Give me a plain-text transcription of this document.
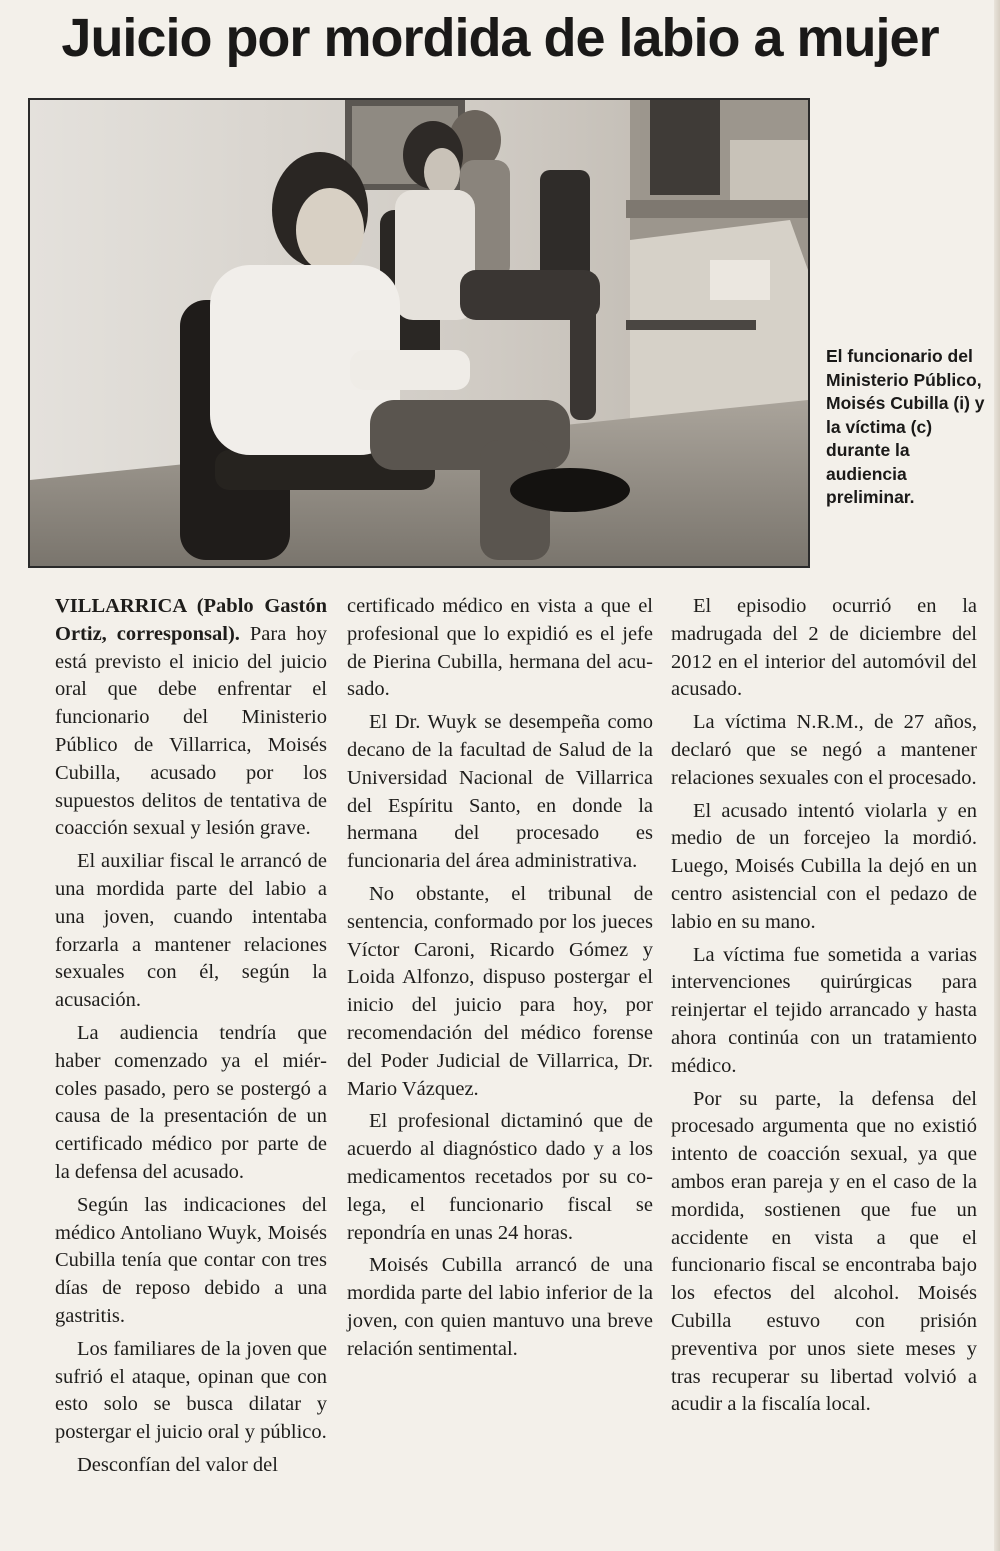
Juicio por mordida de labio a mujer
El funcionario del Ministerio Público, Moisés Cubilla (i) y la víctima (c) durante la audiencia preliminar.

VILLARRICA (Pablo Gastón Ortiz, corresponsal). Para hoy está previsto el inicio del juicio oral que debe enfrentar el funcionario del Ministerio Público de Villarrica, Moisés Cubilla, acusado por los supuestos delitos de tentativa de coacción sexual y lesión grave.

El auxiliar fiscal le arrancó de una mordida parte del labio a una joven, cuando intentaba forzarla a mantener relaciones sexuales con él, según la acusación.

La audiencia tendría que haber comenzado ya el miércoles pasado, pero se postergó a causa de la presentación de un certificado médico por parte de la defensa del acusado.

Según las indicaciones del médico Antoliano Wuyk, Moisés Cubilla tenía que contar con tres días de reposo debido a una gastritis.

Los familiares de la joven que sufrió el ataque, opinan que con esto solo se busca dilatar y postergar el juicio oral y público.

Desconfían del valor del

certificado médico en vista a que el profesional que lo expidió es el jefe de Pierina Cubilla, hermana del acusado.

El Dr. Wuyk se desempeña como decano de la facultad de Salud de la Universidad Nacional de Villarrica del Espíritu Santo, en donde la hermana del procesado es funcionaria del área administrativa.

No obstante, el tribunal de sentencia, conformado por los jueces Víctor Caroni, Ricardo Gómez y Loida Alfonzo, dispuso postergar el inicio del juicio para hoy, por recomendación del médico forense del Poder Judicial de Villarrica, Dr. Mario Vázquez.

El profesional dictaminó que de acuerdo al diagnóstico dado y a los medicamentos recetados por su colega, el funcionario fiscal se repondría en unas 24 horas.

Moisés Cubilla arrancó de una mordida parte del labio inferior de la joven, con quien mantuvo una breve relación sentimental.

El episodio ocurrió en la madrugada del 2 de diciembre del 2012 en el interior del automóvil del acusado.

La víctima N.R.M., de 27 años, declaró que se negó a mantener relaciones sexuales con el procesado.

El acusado intentó violarla y en medio de un forcejeo la mordió. Luego, Moisés Cubilla la dejó en un centro asistencial con el pedazo de labio en su mano.

La víctima fue sometida a varias intervenciones quirúrgicas para reinjertar el tejido arrancado y hasta ahora continúa con un tratamiento médico.

Por su parte, la defensa del procesado argumenta que no existió intento de coacción sexual, ya que ambos eran pareja y en el caso de la mordida, sostienen que fue un accidente en vista a que el funcionario fiscal se encontraba bajo los efectos del alcohol. Moisés Cubilla estuvo con prisión preventiva por unos siete meses y tras recuperar su libertad volvió a acudir a la fiscalía local.
